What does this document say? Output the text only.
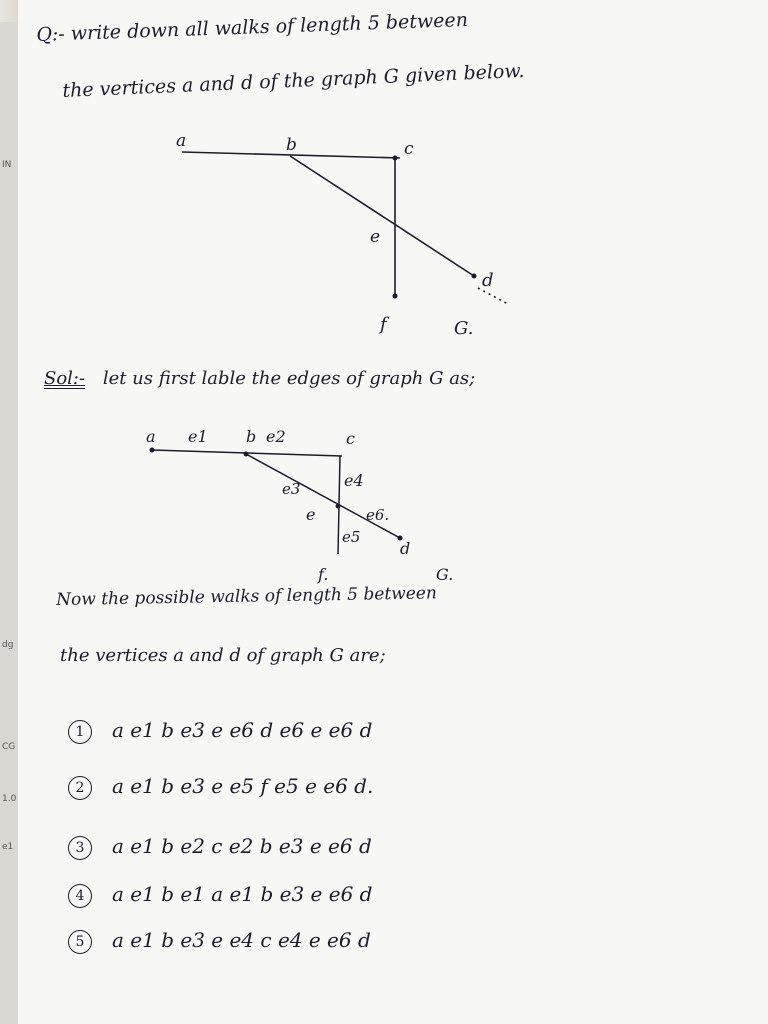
IN
dg
CG
1.0
e1
Q:- write down all walks of length 5 between
the vertices a and d of the graph G given below.
a	b	c
e
d
f	G.
Sol:- let us first lable the edges of graph G as;
a e1 b e2	c
e4
e3
e6.
e
e5
d
f.	G.
Now the possible walks of length 5 between
the vertices a and d of graph G are;
1 a e1 b e3 e e6 d e6 e e6 d
2 a e1 b e3 e e5 f e5 e e6 d.
3 a e1 b e2 c e2 b e3 e e6 d
4 a e1 b e1 a e1 b e3 e e6 d
5 a e1 b e3 e e4 c e4 e e6 d
